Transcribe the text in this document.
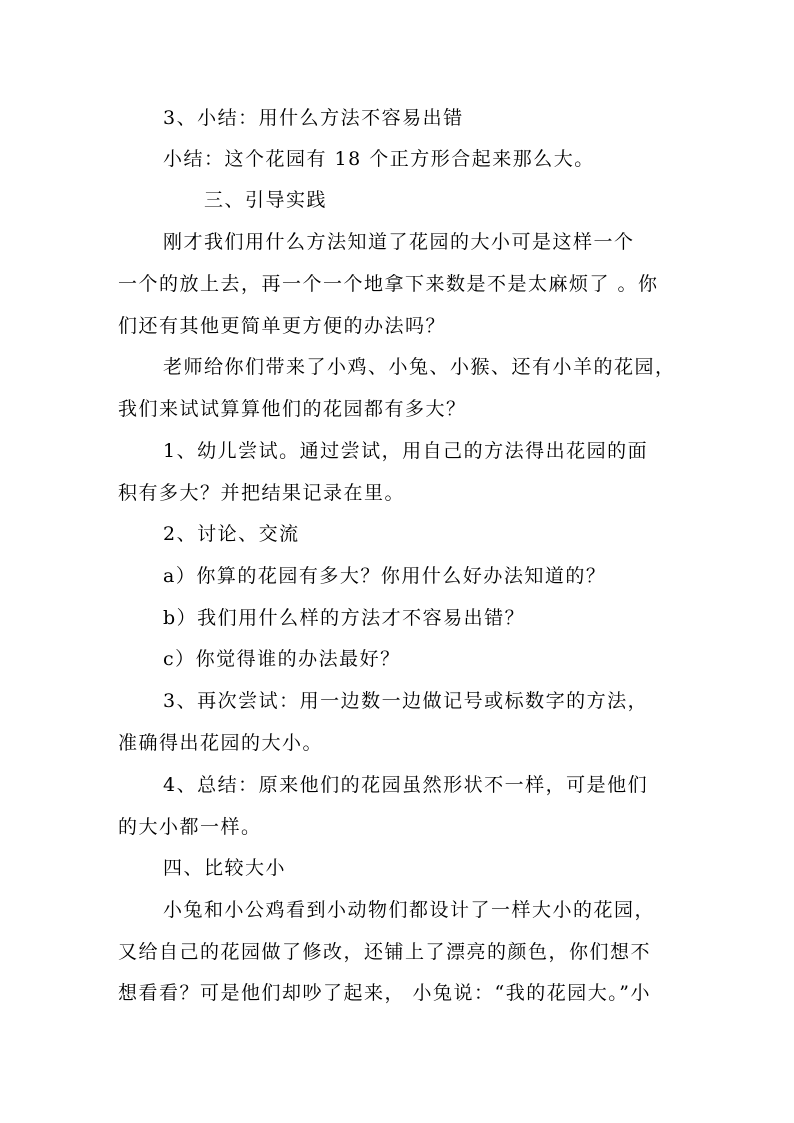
3、小结：用什么方法不容易出错
小结：这个花园有 18 个正方形合起来那么大。
三、引导实践
刚才我们用什么方法知道了花园的大小可是这样一个
一个的放上去，再一个一个地拿下来数是不是太麻烦了 。你
们还有其他更简单更方便的办法吗？
老师给你们带来了小鸡、小兔、小猴、还有小羊的花园，
我们来试试算算他们的花园都有多大？
1、幼儿尝试。通过尝试，用自己的方法得出花园的面
积有多大？并把结果记录在里。
2、讨论、交流
a）你算的花园有多大？你用什么好办法知道的？
b）我们用什么样的方法才不容易出错？
c）你觉得谁的办法最好？
3、再次尝试：用一边数一边做记号或标数字的方法，
准确得出花园的大小。
4、总结：原来他们的花园虽然形状不一样，可是他们
的大小都一样。
四、比较大小
小兔和小公鸡看到小动物们都设计了一样大小的花园，
又给自己的花园做了修改，还铺上了漂亮的颜色，你们想不
想看看？可是他们却吵了起来， 小兔说：“我的花园大。”小
